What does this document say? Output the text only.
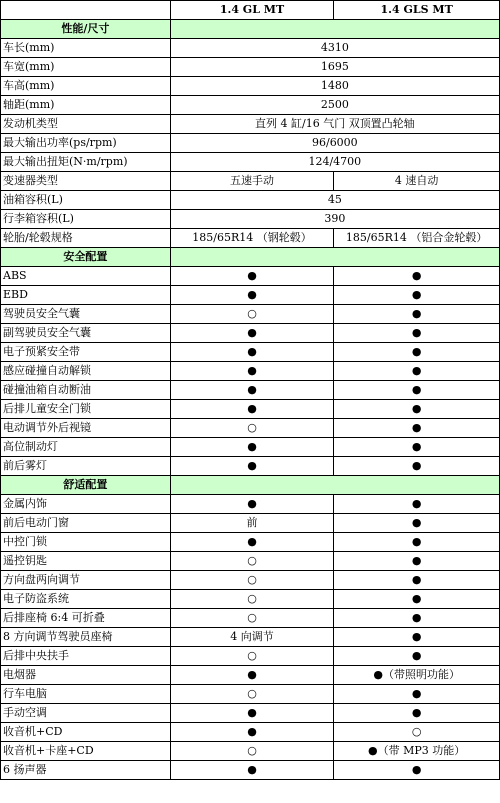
	1.4 GL MT	1.4 GLS MT
性能/尺寸		
车长(mm)	4310	
车宽(mm)	1695	
车高(mm)	1480	
轴距(mm)	2500	
发动机类型	直列 4 缸/16 气门 双顶置凸轮轴	
最大输出功率(ps/rpm)	96/6000	
最大输出扭矩(N·m/rpm)	124/4700	
变速器类型	五速手动	4 速自动
油箱容积(L)	45	
行李箱容积(L)	390	
轮胎/轮毂规格	185/65R14 （钢轮毂）	185/65R14 （铝合金轮毂）
安全配置		
ABS	●	●
EBD	●	●
驾驶员安全气囊	○	●
副驾驶员安全气囊	●	●
电子预紧安全带	●	●
感应碰撞自动解锁	●	●
碰撞油箱自动断油	●	●
后排儿童安全门锁	●	●
电动调节外后视镜	○	●
高位制动灯	●	●
前后雾灯	●	●
舒适配置		
金属内饰	●	●
前后电动门窗	前	●
中控门锁	●	●
遥控钥匙	○	●
方向盘两向调节	○	●
电子防盗系统	○	●
后排座椅 6:4 可折叠	○	●
8 方向调节驾驶员座椅	4 向调节	●
后排中央扶手	○	●
电烟器	●	●（带照明功能）
行车电脑	○	●
手动空调	●	●
收音机+CD	●	○
收音机+卡座+CD	○	●（带 MP3 功能）
6 扬声器	●	●
